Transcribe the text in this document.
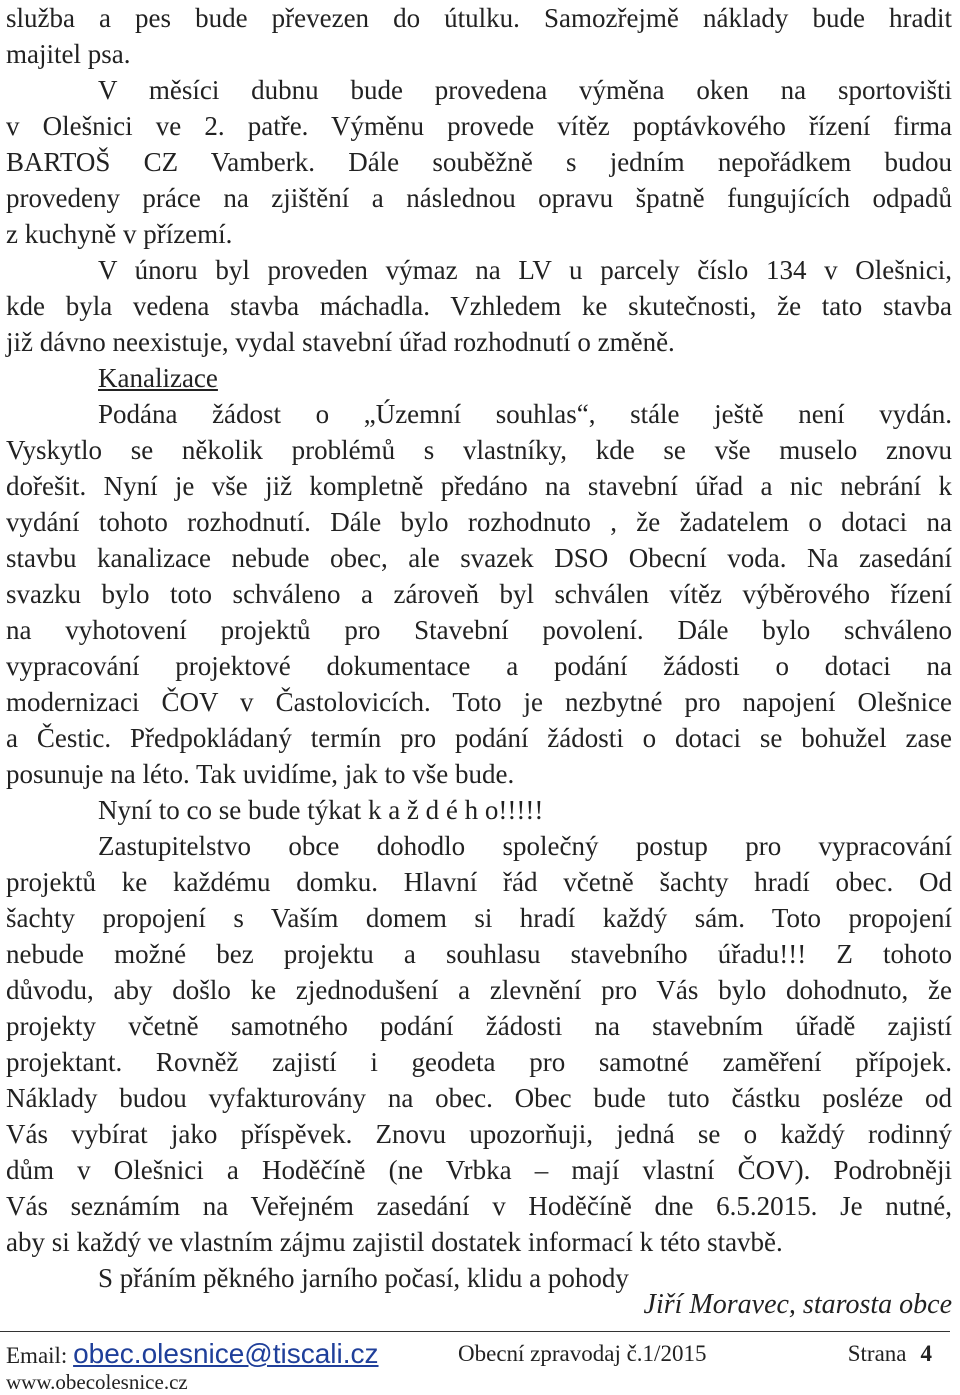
služba a pes bude převezen do útulku. Samozřejmě náklady bude hradit
majitel psa.
V měsíci dubnu bude provedena výměna oken na sportovišti
v Olešnici ve 2. patře. Výměnu provede vítěz poptávkového řízení firma
BARTOŠ CZ Vamberk. Dále souběžně s jedním nepořádkem budou
provedeny práce na zjištění a následnou opravu špatně fungujících odpadů
z kuchyně v přízemí.
V únoru byl proveden výmaz na LV u parcely číslo 134 v Olešnici,
kde byla vedena stavba máchadla. Vzhledem ke skutečnosti, že tato stavba
již dávno neexistuje, vydal stavební úřad rozhodnutí o změně.
Kanalizace
Podána žádost o „Územní souhlas“, stále ještě není vydán.
Vyskytlo se několik problémů s vlastníky, kde se vše muselo znovu
dořešit. Nyní je vše již kompletně předáno na stavební úřad a nic nebrání k
vydání tohoto rozhodnutí. Dále bylo rozhodnuto , že žadatelem o dotaci na
stavbu kanalizace nebude obec, ale svazek DSO Obecní voda. Na zasedání
svazku bylo toto schváleno a zároveň byl schválen vítěz výběrového řízení
na vyhotovení projektů pro Stavební povolení. Dále bylo schváleno
vypracování projektové dokumentace a podání žádosti o dotaci na
modernizaci ČOV v Častolovicích. Toto je nezbytné pro napojení Olešnice
a Čestic. Předpokládaný termín pro podání žádosti o dotaci se bohužel zase
posunuje na léto. Tak uvidíme, jak to vše bude.
Nyní to co se bude týkat k a ž d é h o!!!!!
Zastupitelstvo obce dohodlo společný postup pro vypracování
projektů ke každému domku. Hlavní řád včetně šachty hradí obec. Od
šachty propojení s Vaším domem si hradí každý sám. Toto propojení
nebude možné bez projektu a souhlasu stavebního úřadu!!! Z tohoto
důvodu, aby došlo ke zjednodušení a zlevnění pro Vás bylo dohodnuto, že
projekty včetně samotného podání žádosti na stavebním úřadě zajistí
projektant. Rovněž zajistí i geodeta pro samotné zaměření přípojek.
Náklady budou vyfakturovány na obec. Obec bude tuto částku posléze od
Vás vybírat jako příspěvek. Znovu upozorňuji, jedná se o každý rodinný
dům v Olešnici a Hoděčíně (ne Vrbka – mají vlastní ČOV). Podrobněji
Vás seznámím na Veřejném zasedání v Hoděčíně dne 6.5.2015. Je nutné,
aby si každý ve vlastním zájmu zajistil dostatek informací k této stavbě.
S přáním pěkného jarního počasí, klidu a pohody
Jiří Moravec, starosta obce
Email: obec.olesnice@tiscali.cz	Obecní zpravodaj č.1/2015	Strana 4
www.obecolesnice.cz
